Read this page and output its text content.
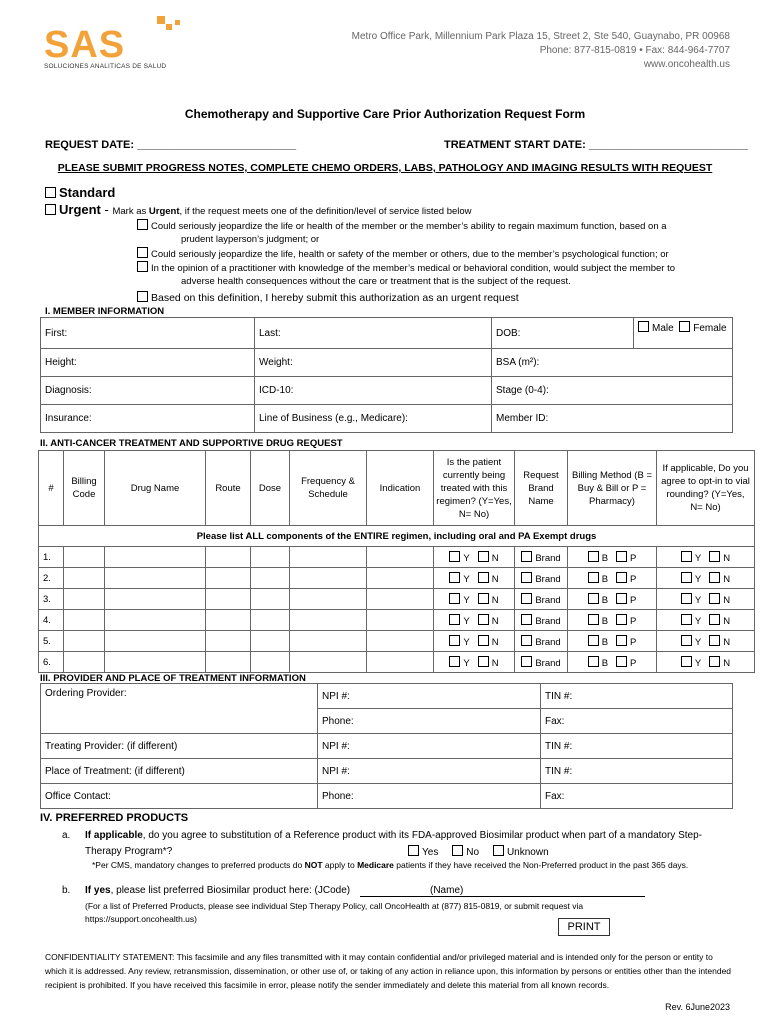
SAS
SOLUCIONES ANALITICAS DE SALUD
Metro Office Park, Millennium Park Plaza 15, Street 2, Ste 540, Guaynabo, PR 00968
Phone: 877-815-0819 • Fax: 844-964-7707
www.oncohealth.us
Chemotherapy and Supportive Care Prior Authorization Request Form
REQUEST DATE: __________________________	TREATMENT START DATE: __________________________
PLEASE SUBMIT PROGRESS NOTES, COMPLETE CHEMO ORDERS, LABS, PATHOLOGY AND IMAGING RESULTS WITH REQUEST
Standard
Urgent - Mark as Urgent, if the request meets one of the definition/level of service listed below
Could seriously jeopardize the life or health of the member or the member’s ability to regain maximum function, based on a
prudent layperson’s judgment; or
Could seriously jeopardize the life, health or safety of the member or others, due to the member’s psychological function; or
In the opinion of a practitioner with knowledge of the member’s medical or behavioral condition, would subject the member to
adverse health consequences without the care or treatment that is the subject of the request.
Based on this definition, I hereby submit this authorization as an urgent request
I. MEMBER INFORMATION
First:	Last:	DOB:	Male Female
Height:	Weight:	BSA (m²):	
Diagnosis:	ICD-10:	Stage (0-4):	
Insurance:	Line of Business (e.g., Medicare):	Member ID:	
II. ANTI-CANCER TREATMENT AND SUPPORTIVE DRUG REQUEST
#	Billing Code	Drug Name	Route	Dose	Frequency & Schedule	Indication	Is the patient currently being treated with this regimen? (Y=Yes, N= No)	Request Brand Name	Billing Method (B = Buy & Bill or P = Pharmacy)	If applicable, Do you agree to opt-in to vial rounding? (Y=Yes, N= No)
Please list ALL components of the ENTIRE regimen, including oral and PA Exempt drugs										
1.							Y N	Brand	B P	Y N
2.							Y N	Brand	B P	Y N
3.							Y N	Brand	B P	Y N
4.							Y N	Brand	B P	Y N
5.							Y N	Brand	B P	Y N
6.							Y N	Brand	B P	Y N
III. PROVIDER AND PLACE OF TREATMENT INFORMATION
Ordering Provider:	NPI #:	TIN #:
	Phone:	Fax:
Treating Provider: (if different)	NPI #:	TIN #:
Place of Treatment: (if different)	NPI #:	TIN #:
Office Contact:	Phone:	Fax:
IV. PREFERRED PRODUCTS
a. If applicable, do you agree to substitution of a Reference product with its FDA-approved Biosimilar product when part of a mandatory Step-
Therapy Program*?	Yes	No	Unknown
*Per CMS, mandatory changes to preferred products do NOT apply to Medicare patients if they have received the Non-Preferred product in the past 365 days.
b. If yes, please list preferred Biosimilar product here: (JCode)	(Name)
(For a list of Preferred Products, please see individual Step Therapy Policy, call OncoHealth at (877) 815-0819, or submit request via
https://support.oncohealth.us)
PRINT
CONFIDENTIALITY STATEMENT: This facsimile and any files transmitted with it may contain confidential and/or privileged material and is intended only for the person or entity to which it is addressed. Any review, retransmission, dissemination, or other use of, or taking of any action in reliance upon, this information by persons or entities other than the intended recipient is prohibited. If you have received this facsimile in error, please notify the sender immediately and delete this material from all known records.
Rev. 6June2023
